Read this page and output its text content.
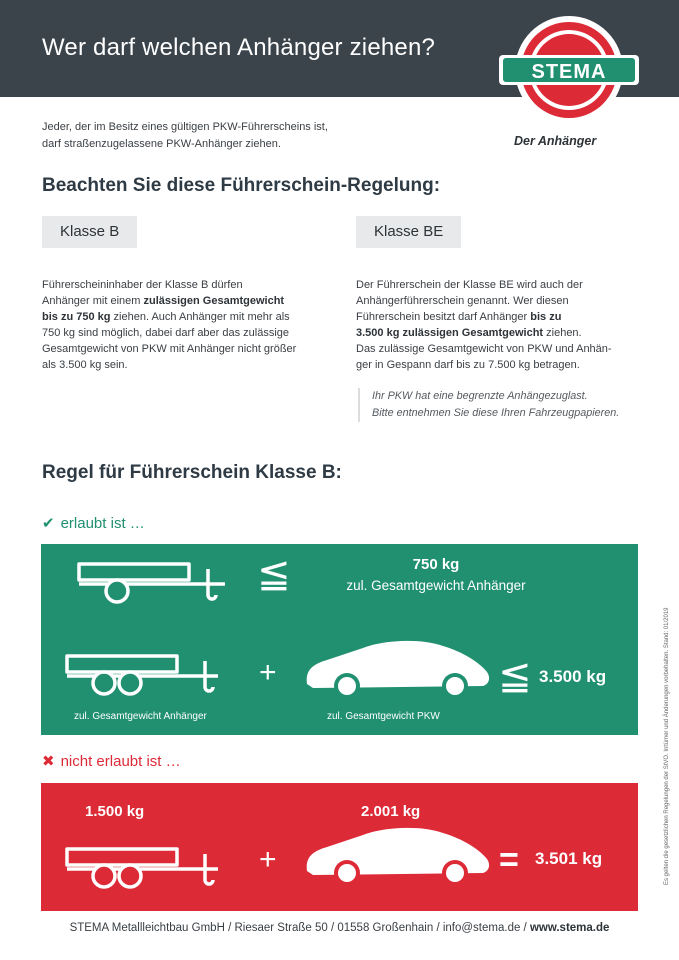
Wer darf welchen Anhänger ziehen?
STEMA
Der Anhänger
Jeder, der im Besitz eines gültigen PKW-Führerscheins ist,
darf straßenzugelassene PKW-Anhänger ziehen.
Beachten Sie diese Führerschein-Regelung:
Klasse B	Klasse BE
Führerscheininhaber der Klasse B dürfen
Anhänger mit einem zulässigen Gesamtgewicht
bis zu 750 kg ziehen. Auch Anhänger mit mehr als
750 kg sind möglich, dabei darf aber das zulässige
Gesamtgewicht von PKW mit Anhänger nicht größer
als 3.500 kg sein.
Der Führerschein der Klasse BE wird auch der
Anhängerführerschein genannt. Wer diesen
Führerschein besitzt darf Anhänger bis zu
3.500 kg zulässigen Gesamtgewicht ziehen.
Das zulässige Gesamtgewicht von PKW und Anhän-
ger in Gespann darf bis zu 7.500 kg betragen.
Ihr PKW hat eine begrenzte Anhängezuglast.
Bitte entnehmen Sie diese Ihren Fahrzeugpapieren.
Regel für Führerschein Klasse B:
✔ erlaubt ist …
≦	750 kg
zul. Gesamtgewicht Anhänger
+	≦ 3.500 kg
zul. Gesamtgewicht Anhänger	zul. Gesamtgewicht PKW
✖ nicht erlaubt ist …
1.500 kg	2.001 kg
+	= 3.501 kg	Es gelten die gesetzlichen Regelungen der StVO. Irrtümer und Änderungen vorbehalten. Stand: 01/2019
STEMA Metallleichtbau GmbH / Riesaer Straße 50 / 01558 Großenhain / info@stema.de / www.stema.de
